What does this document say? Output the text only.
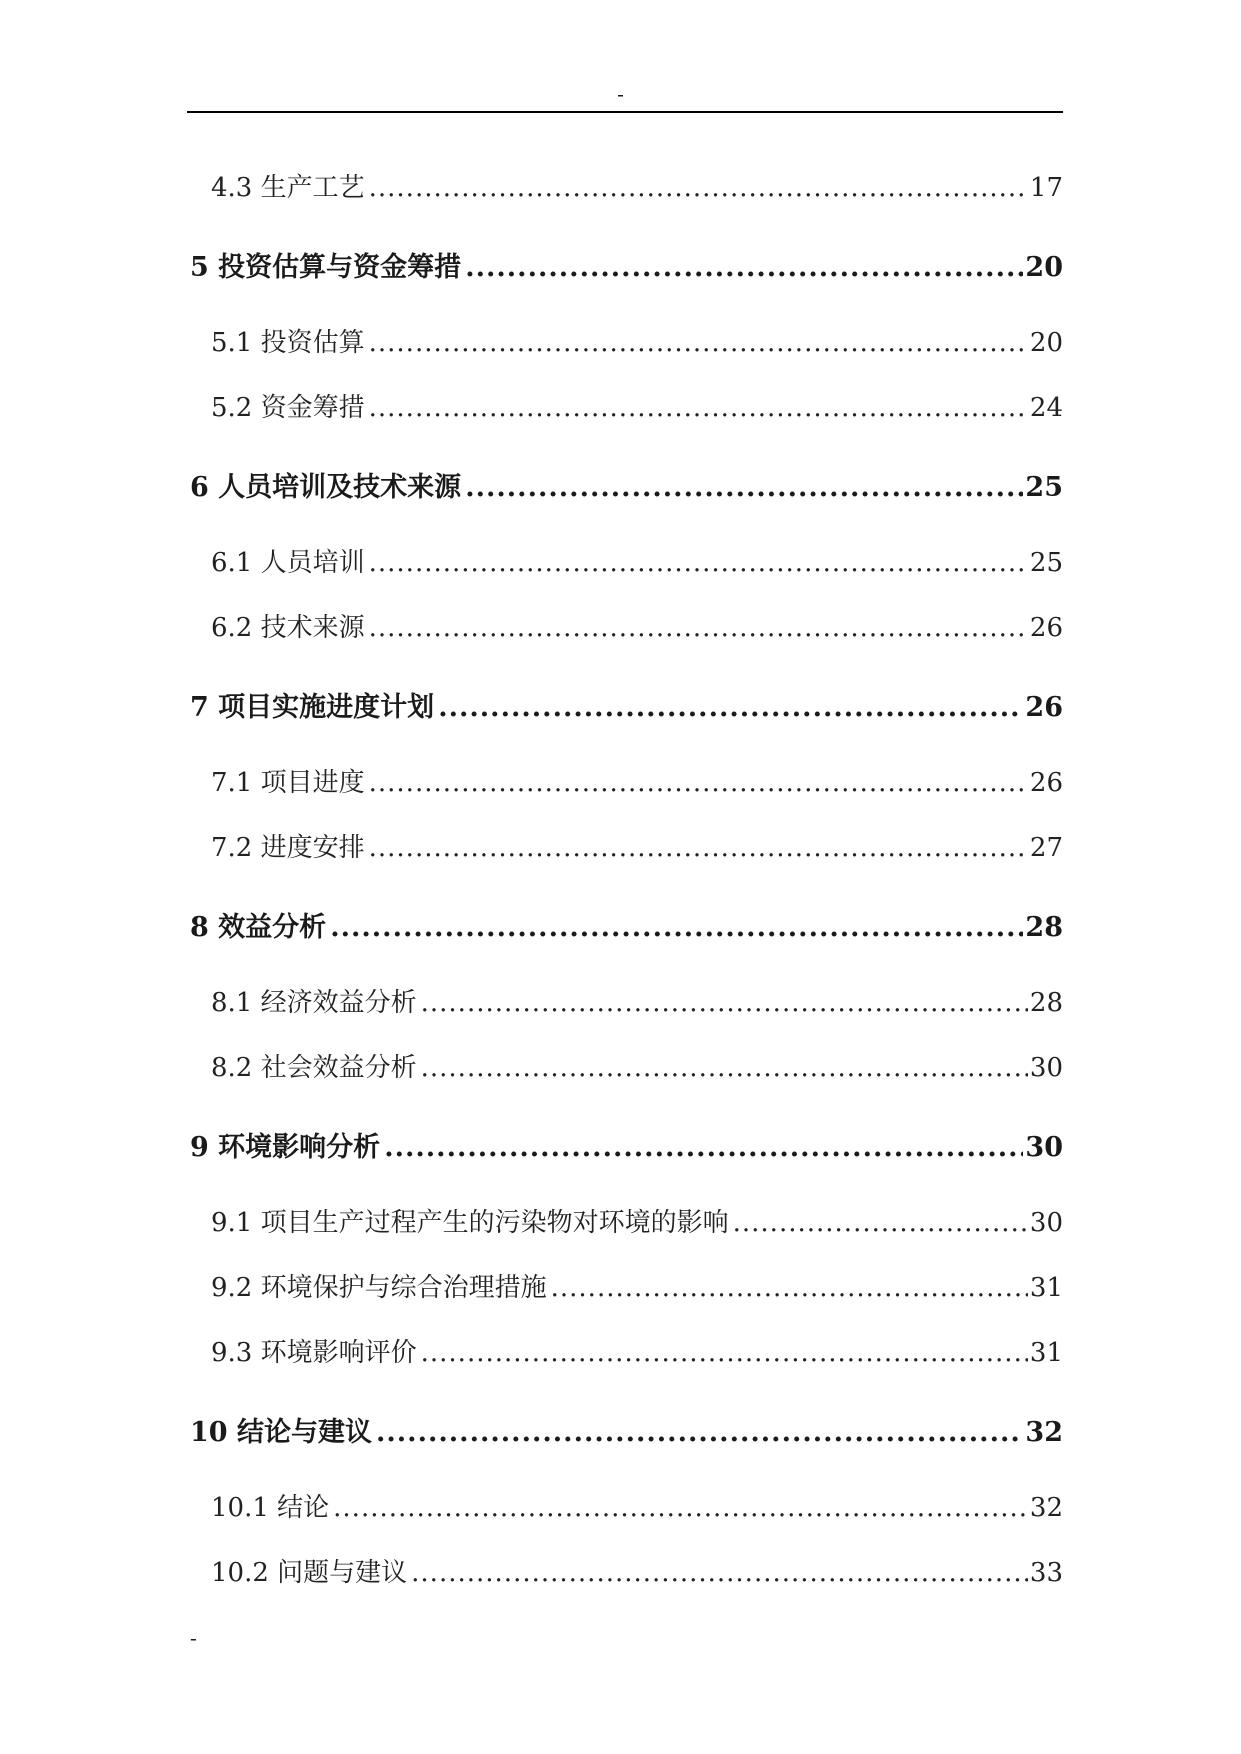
-
4.3 生产工艺 .....	17
5 投资估算与资金筹措 .....	20
5.1 投资估算 .....	20
5.2 资金筹措 .....	24
6 人员培训及技术来源 .....	25
6.1 人员培训 .....	25
6.2 技术来源 .....	26
7 项目实施进度计划 .....	26
7.1 项目进度 .....	26
7.2 进度安排 .....	27
8 效益分析 .....	28
8.1 经济效益分析 .....	28
8.2 社会效益分析 .....	30
9 环境影响分析 .....	30
9.1 项目生产过程产生的污染物对环境的影响 .....	30
9.2 环境保护与综合治理措施 .....	31
9.3 环境影响评价 .....	31
10 结论与建议 .....	32
10.1 结论 .....	32
10.2 问题与建议 .....	33
-
